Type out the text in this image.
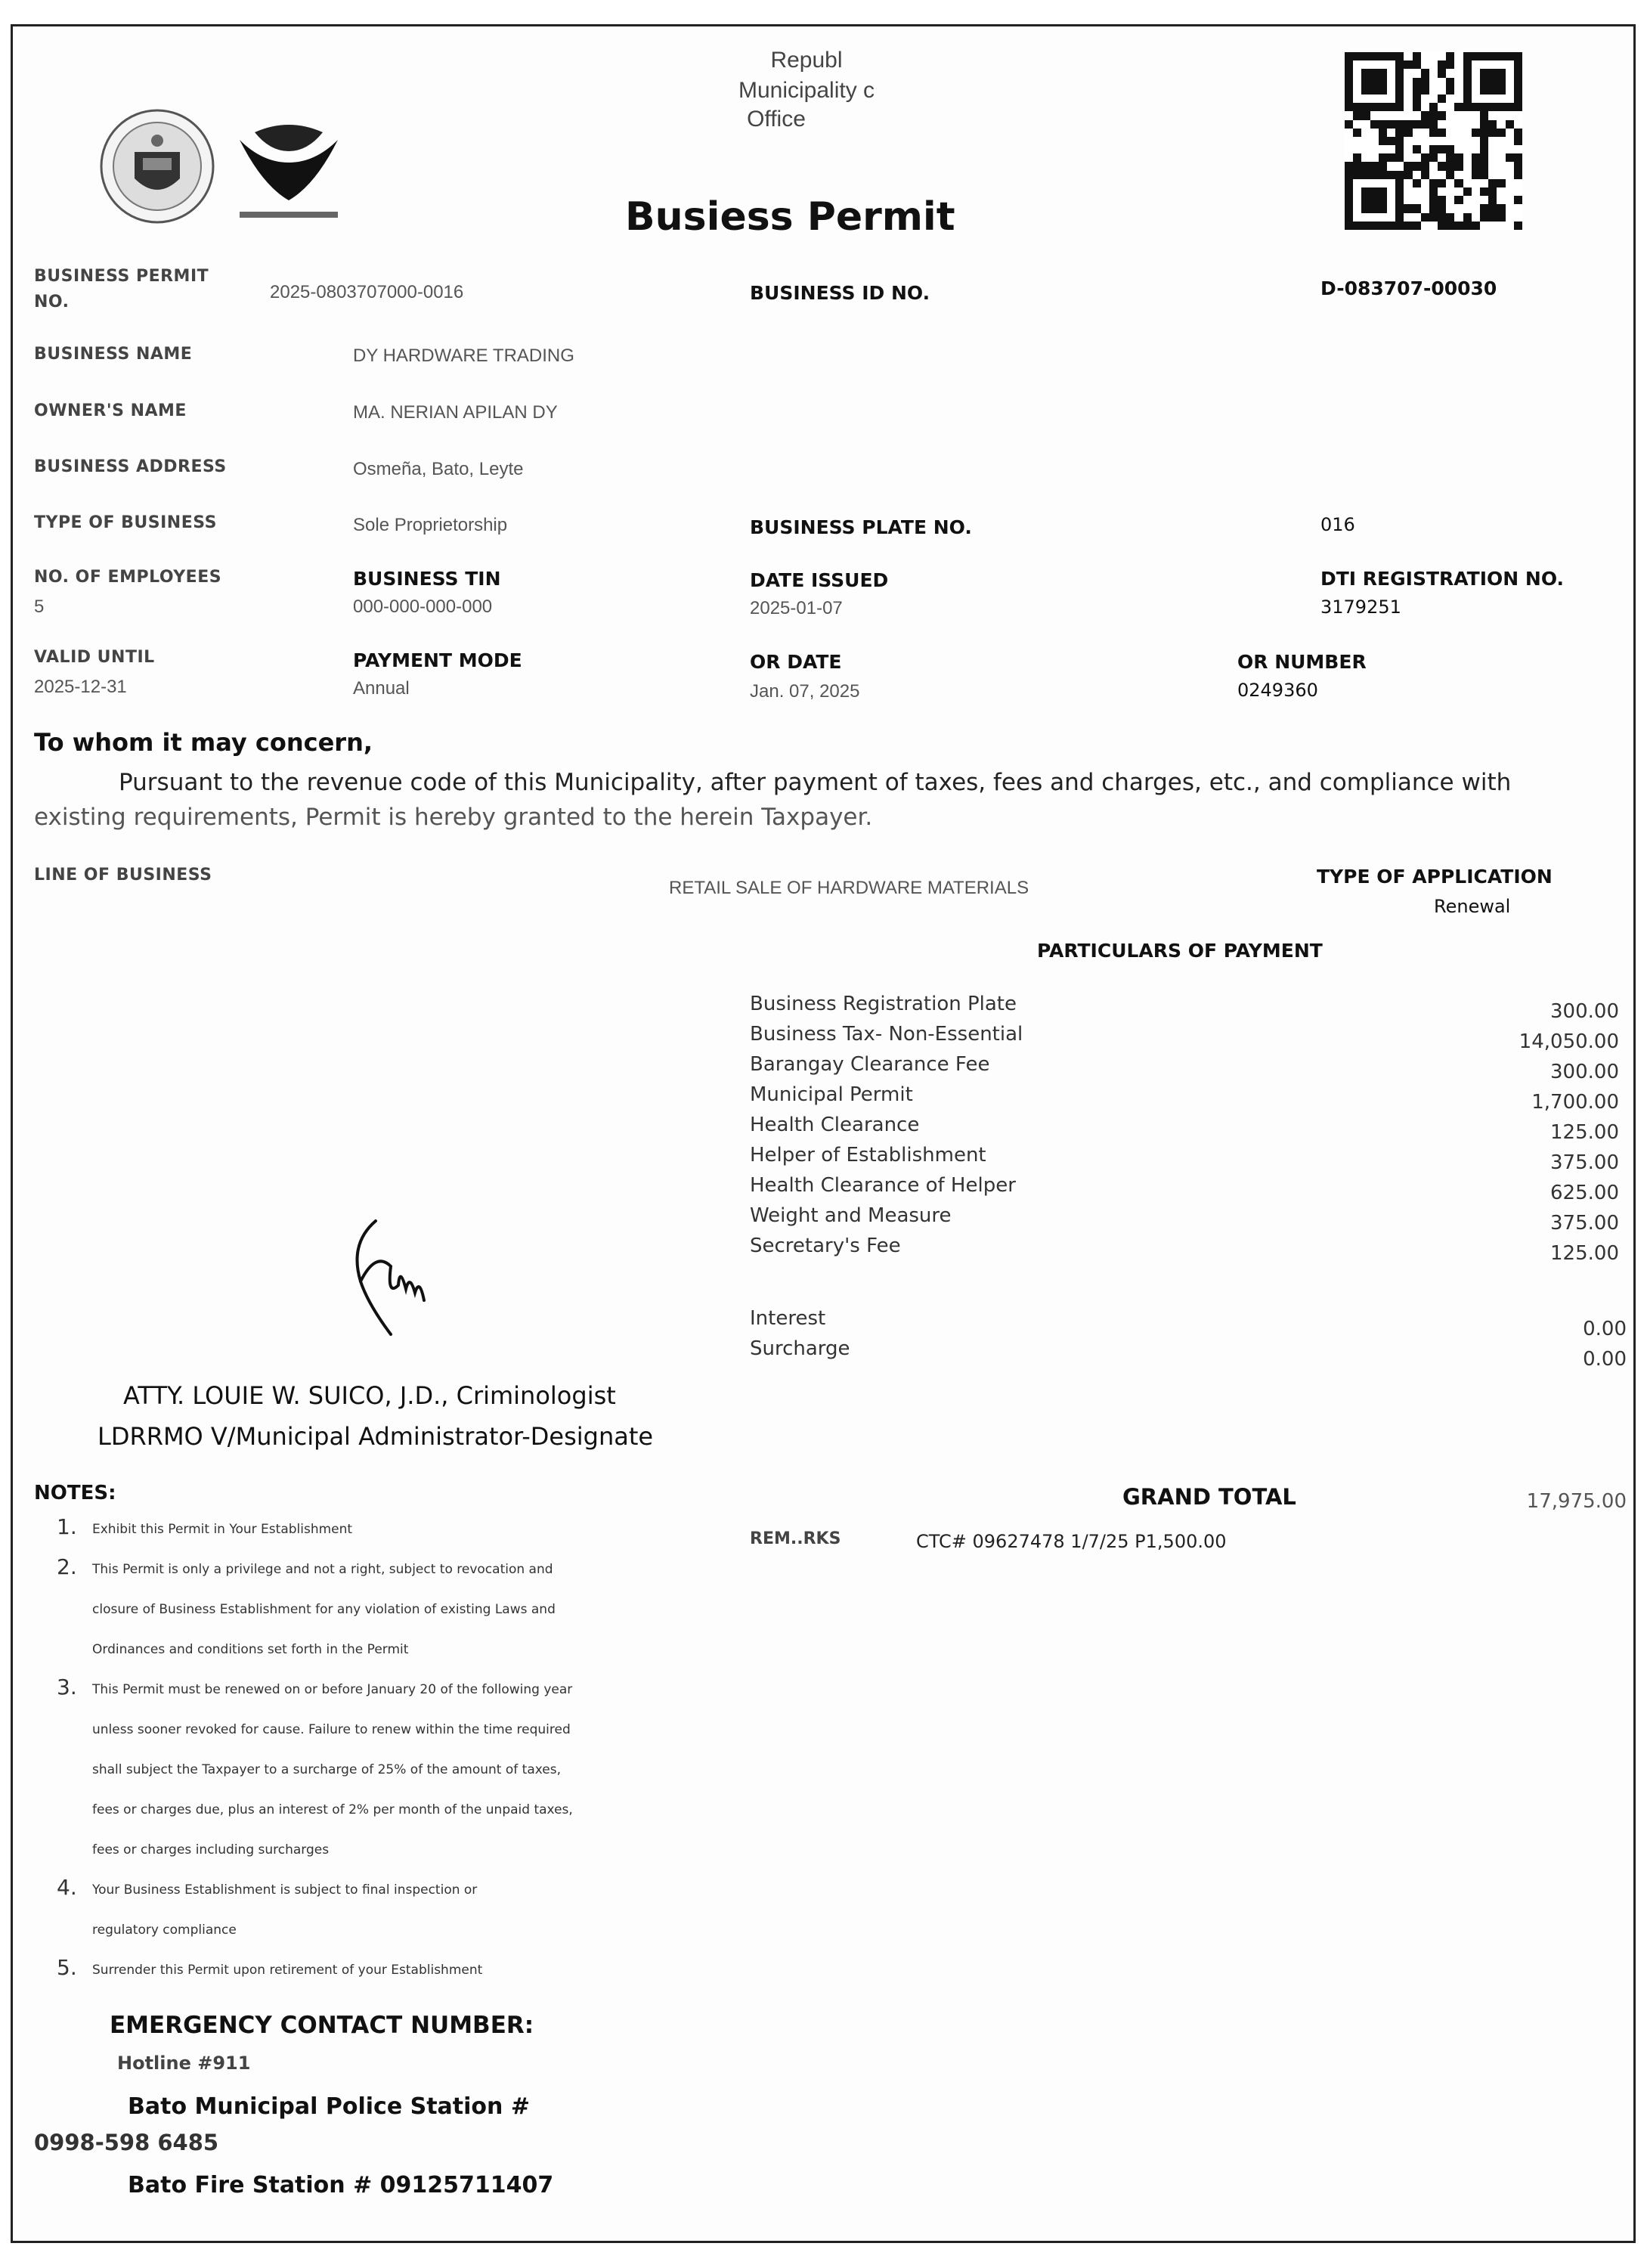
Republ
Municipality c
Office
Busiess Permit
BUSINESS PERMIT
NO.	2025-0803707000-0016	BUSINESS ID NO.	D-083707-00030
BUSINESS NAME	DY HARDWARE TRADING
OWNER'S NAME	MA. NERIAN APILAN DY
BUSINESS ADDRESS	Osmeña, Bato, Leyte
TYPE OF BUSINESS	Sole Proprietorship	BUSINESS PLATE NO.	016
NO. OF EMPLOYEES
5
BUSINESS TIN
000-000-000-000
DATE ISSUED
2025-01-07
DTI REGISTRATION NO.
3179251
VALID UNTIL
2025-12-31
PAYMENT MODE
Annual
OR DATE
Jan. 07, 2025
OR NUMBER
0249360
To whom it may concern,
Pursuant to the revenue code of this Municipality, after payment of taxes, fees and charges, etc., and compliance with
existing requirements, Permit is hereby granted to the herein Taxpayer.
LINE OF BUSINESS
RETAIL SALE OF HARDWARE MATERIALS
TYPE OF APPLICATION
Renewal
PARTICULARS OF PAYMENT
Business Registration Plate	300.00
Business Tax- Non-Essential	14,050.00
Barangay Clearance Fee	300.00
Municipal Permit	1,700.00
Health Clearance	125.00
Helper of Establishment	375.00
Health Clearance of Helper	625.00
Weight and Measure	375.00
Secretary's Fee	125.00
Interest	0.00
Surcharge	0.00
GRAND TOTAL	17,975.00
REM..RKS	CTC# 09627478 1/7/25 P1,500.00
ATTY. LOUIE W. SUICO, J.D., Criminologist
LDRRMO V/Municipal Administrator-Designate
NOTES:
1. Exhibit this Permit in Your Establishment
2. This Permit is only a privilege and not a right, subject to revocation and
closure of Business Establishment for any violation of existing Laws and
Ordinances and conditions set forth in the Permit
3. This Permit must be renewed on or before January 20 of the following year
unless sooner revoked for cause. Failure to renew within the time required
shall subject the Taxpayer to a surcharge of 25% of the amount of taxes,
fees or charges due, plus an interest of 2% per month of the unpaid taxes,
fees or charges including surcharges
4. Your Business Establishment is subject to final inspection or
regulatory compliance
5. Surrender this Permit upon retirement of your Establishment
EMERGENCY CONTACT NUMBER:
Hotline #911
Bato Municipal Police Station #
0998-598 6485
Bato Fire Station # 09125711407
